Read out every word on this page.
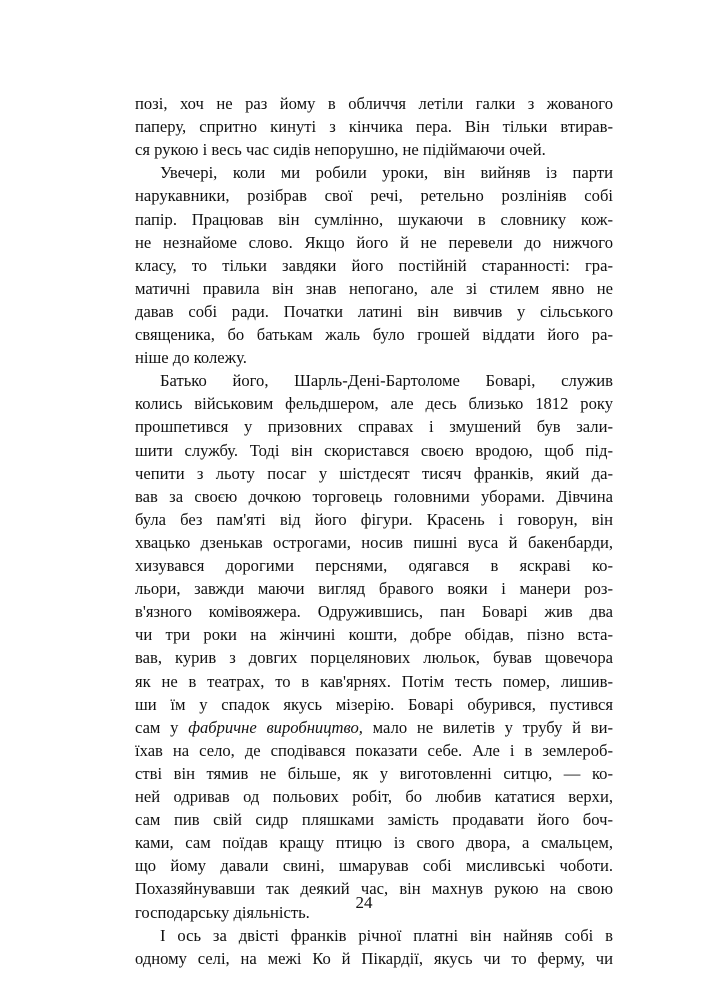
позі, хоч не раз йому в обличчя летіли галки з жованого
паперу, спритно кинуті з кінчика пера. Він тільки втирав-
ся рукою і весь час сидів непорушно, не підіймаючи очей.
Увечері, коли ми робили уроки, він вийняв із парти
нарукавники, розібрав свої речі, ретельно розлініяв собі
папір. Працював він сумлінно, шукаючи в словнику кож-
не незнайоме слово. Якщо його й не перевели до нижчого
класу, то тільки завдяки його постійній старанності: гра-
матичні правила він знав непогано, але зі стилем явно не
давав собі ради. Початки латині він вивчив у сільського
священика, бо батькам жаль було грошей віддати його ра-
ніше до колежу.
Батько його, Шарль-Дені-Бартоломе Боварі, служив
колись військовим фельдшером, але десь близько 1812 року
прошпетився у призовних справах і змушений був зали-
шити службу. Тоді він скористався своєю вродою, щоб під-
чепити з льоту посаг у шістдесят тисяч франків, який да-
вав за своєю дочкою торговець головними уборами. Дівчина
була без пам'яті від його фігури. Красень і говорун, він
хвацько дзенькав острогами, носив пишні вуса й бакенбарди,
хизувався дорогими перснями, одягався в яскраві ко-
льори, завжди маючи вигляд бравого вояки і манери роз-
в'язного комівояжера. Одружившись, пан Боварі жив два
чи три роки на жінчині кошти, добре обідав, пізно вста-
вав, курив з довгих порцелянових люльок, бував щовечора
як не в театрах, то в кав'ярнях. Потім тесть помер, лишив-
ши їм у спадок якусь мізерію. Боварі обурився, пустився
сам у фабричне виробництво, мало не вилетів у трубу й ви-
їхав на село, де сподівався показати себе. Але і в землероб-
стві він тямив не більше, як у виготовленні ситцю, — ко-
ней одривав од польових робіт, бо любив кататися верхи,
сам пив свій сидр пляшками замість продавати його боч-
ками, сам поїдав кращу птицю із свого двора, а смальцем,
що йому давали свині, шмарував собі мисливські чоботи.
Похазяйнувавши так деякий час, він махнув рукою на свою
господарську діяльність.
І ось за двісті франків річної платні він найняв собі в
одному селі, на межі Ко й Пікардії, якусь чи то ферму, чи
24
